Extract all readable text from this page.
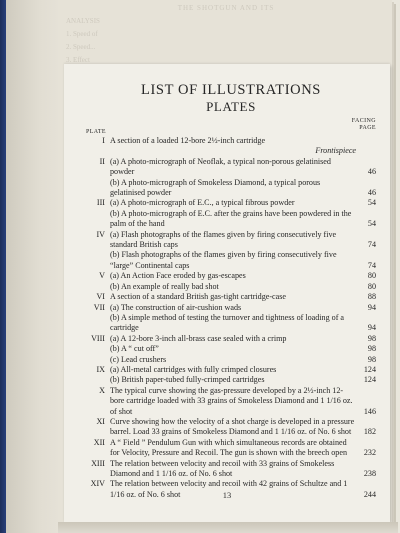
THE SHOTGUN AND ITS
ANALYSIS
1. Speed of
2. Speed...
3. Effect
LIST OF ILLUSTRATIONS
PLATES
FACING
PAGE
PLATE
I A section of a loaded 12-bore 2½-inch cartridge
Frontispiece
II (a) A photo-micrograph of Neoflak, a typical non-porous gelatinised powder	46
(b) A photo-micrograph of Smokeless Diamond, a typical porous gelatinised powder	46
III (a) A photo-micrograph of E.C., a typical fibrous powder	54
(b) A photo-micrograph of E.C. after the grains have been powdered in the palm of the hand	54
IV (a) Flash photographs of the flames given by firing consecutively five standard British caps	74
(b) Flash photographs of the flames given by firing consecutively five “large” Continental caps	74
V (a) An Action Face eroded by gas-escapes	80
(b) An example of really bad shot	80
VI A section of a standard British gas-tight cartridge-case	88
VII (a) The construction of air-cushion wads	94
(b) A simple method of testing the turnover and tightness of loading of a cartridge	94
VIII (a) A 12-bore 3-inch all-brass case sealed with a crimp	98
(b) A “ cut off”	98
(c) Lead crushers	98
IX (a) All-metal cartridges with fully crimped closures	124
(b) British paper-tubed fully-crimped cartridges	124
X The typical curve showing the gas-pressure developed by a 2½-inch 12-bore cartridge loaded with 33 grains of Smokeless Diamond and 1 1/16 oz. of shot	146
XI Curve showing how the velocity of a shot charge is developed in a pressure barrel. Load 33 grains of Smokeless Diamond and 1 1/16 oz. of No. 6 shot	182
XII A “ Field ” Pendulum Gun with which simultaneous records are obtained for Velocity, Pressure and Recoil. The gun is shown with the breech open	232
XIII The relation between velocity and recoil with 33 grains of Smokeless Diamond and 1 1/16 oz. of No. 6 shot	238
XIV The relation between velocity and recoil with 42 grains of Schultze and 1 1/16 oz. of No. 6 shot	244
13
